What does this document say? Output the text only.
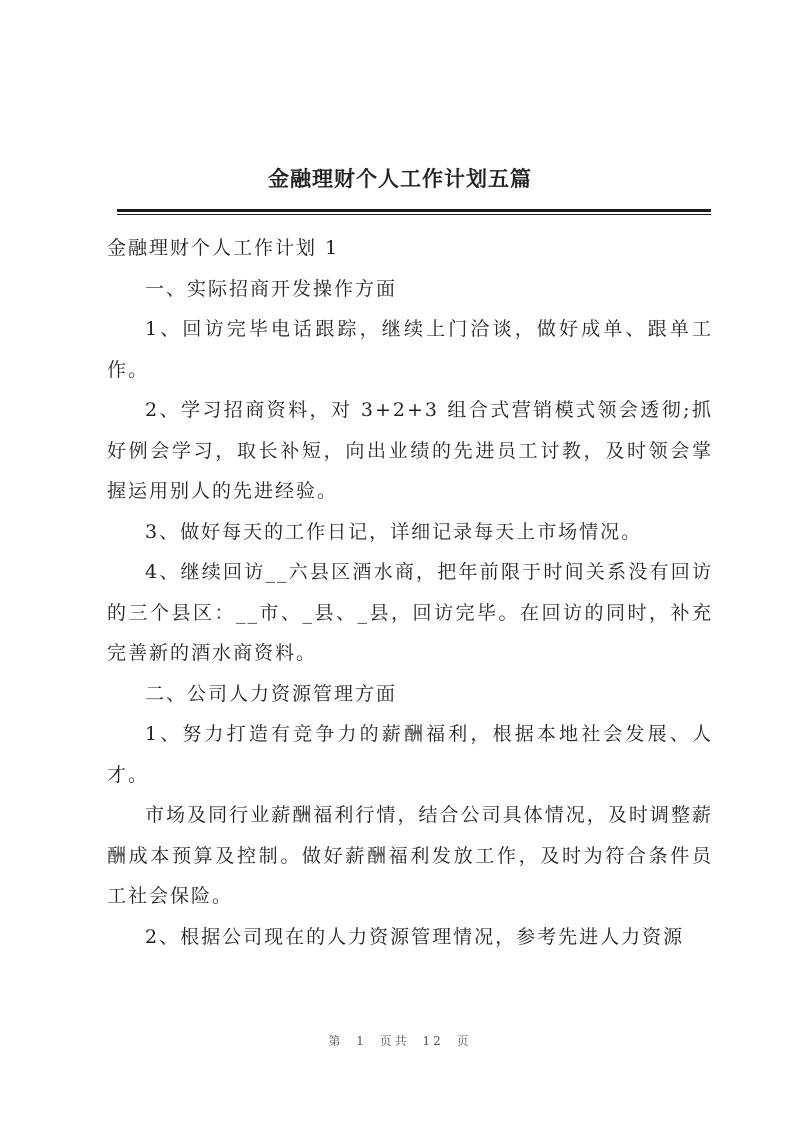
金融理财个人工作计划五篇

金融理财个人工作计划 1

一、实际招商开发操作方面

1、回访完毕电话跟踪，继续上门洽谈，做好成单、跟单工作。

2、学习招商资料，对 3+2+3 组合式营销模式领会透彻;抓好例会学习，取长补短，向出业绩的先进员工讨教，及时领会掌握运用别人的先进经验。

3、做好每天的工作日记，详细记录每天上市场情况。

4、继续回访__六县区酒水商，把年前限于时间关系没有回访的三个县区：__市、_县、_县，回访完毕。在回访的同时，补充完善新的酒水商资料。

二、公司人力资源管理方面

1、努力打造有竞争力的薪酬福利，根据本地社会发展、人才。

市场及同行业薪酬福利行情，结合公司具体情况，及时调整薪酬成本预算及控制。做好薪酬福利发放工作，及时为符合条件员工社会保险。

2、根据公司现在的人力资源管理情况，参考先进人力资源

第 1 页共 12 页
